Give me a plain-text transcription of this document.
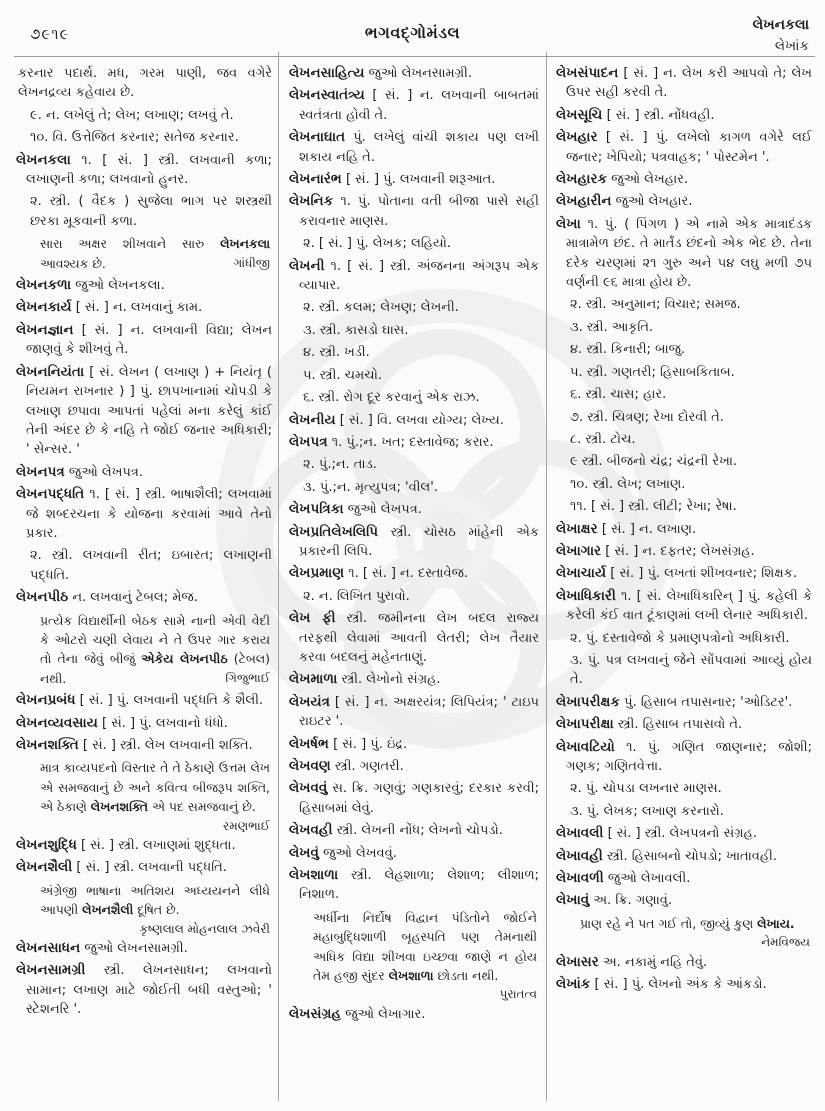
૭૯૧૯	ભગવદ્ગોમંડલ	લેખનકલા
લેખાંક

કરનાર પદાર્થ. મધ, ગરમ પાણી, જવ વગેરે લેખનદ્રવ્ય કહેવાય છે.

૯. ન. લખેલું તે; લેખ; લખાણ; લખવું તે.

૧૦. વિ. ઉત્તેજિત કરનાર; સતેજ કરનાર.

લેખનકલા ૧. [ સં. ] સ્ત્રી. લખવાની કળા; લખાણની કળા; લખવાનો હુનર.

૨. સ્ત્રી. ( વૈદક ) સુજેલા ભાગ પર શસ્ત્રથી છરકા મૂકવાની કળા.

સારા અક્ષર શીખવાને સારુ લેખનકલા આવશ્યક છે.	ગાંધીજી

લેખનકળા જુઓ લેખનકલા.

લેખનકાર્ય [ સં. ] ન. લખવાનું કામ.

લેખનજ્ઞાન [ સં. ] ન. લખવાની વિદ્યા; લેખન જાણવું કે શીખવું તે.

લેખનનિયંતા [ સં. લેખન ( લખાણ ) + નિયંતૃ ( નિયમન રાખનાર ) ] પું. છાપખાનામાં ચોપડી કે લખાણ છપાવા આપતાં પહેલાં મના કરેલું કાંઈ તેની અંદર છે કે નહિ તે જોઈ જનાર અધિકારી; ' સેન્સર. '

લેખનપત્ર જુઓ લેખપત્ર.

લેખનપદ્ધતિ ૧. [ સં. ] સ્ત્રી. ભાષાશૈલી; લખવામાં જે શબ્દરચના કે યોજના કરવામાં આવે તેનો પ્રકાર.

૨. સ્ત્રી. લખવાની રીત; ઇબારત; લખાણની પદ્ધતિ.

લેખનપીઠ ન. લખવાનું ટેબલ; મેજ.

પ્રત્યેક વિદ્યાર્થીની બેઠક સામે નાની એવી વેદી કે ઓટરો ચણી લેવાય ને તે ઉપર ગાર કરાય તો તેના જેવું બીજું એકેય લેખનપીઠ (ટેબલ) નથી.	ગિજુભાઈ

લેખનપ્રબંધ [ સં. ] પું. લખવાની પદ્ધતિ કે શૈલી.

લેખનવ્યવસાય [ સં. ] પું. લખવાનો ધંધો.

લેખનશક્તિ [ સં. ] સ્ત્રી. લેખ લખવાની શક્તિ.

માત્ર કાવ્યપદનો વિસ્તાર તે તે ઠેકાણે ઉત્તમ લેખ એ સમજવાનું છે અને કવિત્વ બીજરૂપ શક્તિ, એ ઠેકાણે લેખનશક્તિ એ પદ સમજવાનું છે.
રમણભાઈ

લેખનશુદ્ધિ [ સં. ] સ્ત્રી. લખાણમાં શુદ્ધતા.

લેખનશૈલી [ સં. ] સ્ત્રી. લખવાની પદ્ધતિ.

અંગ્રેજી ભાષાના અતિશય અધ્યયનને લીધે આપણી લેખનશૈલી દૂષિત છે.
કૃષ્ણલાલ મોહનલાલ ઝવેરી

લેખનસાધન જુઓ લેખનસામગ્રી.

લેખનસામગ્રી સ્ત્રી. લેખનસાધન; લખવાનો સામાન; લખાણ માટે જોઈતી બધી વસ્તુઓ; ' સ્ટેશનરિ '.

લેખનસાહિત્ય જુઓ લેખનસામગ્રી.

લેખનસ્વાતંત્ર્ય [ સં. ] ન. લખવાની બાબતમાં સ્વતંત્રતા હોવી તે.

લેખનાઘાત પું. લખેલું વાંચી શકાય પણ લખી શકાય નહિ તે.

લેખનારંભ [ સં. ] પું. લખવાની શરૂઆત.

લેખનિક ૧. પું. પોતાના વતી બીજા પાસે સહી કરાવનાર માણસ.

૨. [ સં. ] પું. લેખક; લહિયો.

લેખની ૧. [ સં. ] સ્ત્રી. અંજનના અંગરૂપ એક વ્યાપાર.

૨. સ્ત્રી. કલમ; લેખણ; લેખની.

૩. સ્ત્રી. કાસડો ઘાસ.

૪. સ્ત્રી. ખડી.

૫. સ્ત્રી. ચમચો.

૬. સ્ત્રી. રોગ દૂર કરવાનું એક રાઝ.

લેખનીય [ સં. ] વિ. લખવા યોગ્ય; લેખ્ય.

લેખપત્ર ૧. પું.;ન. ખત; દસ્તાવેજ; કરાર.

૨. પું.;ન. તાડ.

૩. પું.;ન. મૃત્યુપત્ર; 'વીલ'.

લેખપત્રિકા જુઓ લેખપત્ર.

લેખપ્રતિલેખલિપિ સ્ત્રી. ચોસઠ માંહેની એક પ્રકારની લિપિ.

લેખપ્રમાણ ૧. [ સં. ] ન. દસ્તાવેજ.

૨. ન. લિખિત પુરાવો.

લેખ ફી સ્ત્રી. જમીનના લેખ બદલ રાજ્ય તરફથી લેવામાં આવતી લેતરી; લેખ તૈયાર કરવા બદલનું મહેનતાણું.

લેખમાળા સ્ત્રી. લેખોનો સંગ્રહ.

લેખયંત્ર [ સં. ] ન. અક્ષરયંત્ર; લિપિયંત્ર; ' ટાઇપ રાઇટર '.

લેખર્ષભ [ સં. ] પું. ઇંદ્ર.

લેખવણ સ્ત્રી. ગણતરી.

લેખવવું સ. ક્રિ. ગણવું; ગણકારવું; દરકાર કરવી; હિસાબમાં લેવું.

લેખવહી સ્ત્રી. લેખની નોંધ; લેખનો ચોપડો.

લેખવું જુઓ લેખવવું.

લેખશાળા સ્ત્રી. લેહશાળા; લેશાળ; લીશાળ; નિશાળ.

અર્ધીના નિર્દોષ વિદ્વાન પંડિતોને જોઈને મહાબુદ્ધિશાળી બૃહસ્પતિ પણ તેમનાથી અધિક વિદ્યા શીખવા ઇચ્છવા જાણે ન હોય તેમ હજી સુંદર લેખશાળા છોડતા નથી.
પુરાતત્વ

લેખસંગ્રહ જુઓ લેખાગાર.

લેખસંપાદન [ સં. ] ન. લેખ કરી આપવો તે; લેખ ઉપર સહી કરવી તે.

લેખસૂચિ [ સં. ] સ્ત્રી. નોંધવહી.

લેખહાર [ સં. ] પું. લખેલો કાગળ વગેરે લઈ જનાર; ખેપિયો; પત્રવાહક; ' પોસ્ટમેન '.

લેખહારક જુઓ લેખહાર.

લેખહારીન જુઓ લેખહાર.

લેખા ૧. પું. ( પિંગળ ) એ નામે એક માત્રાદંડક માત્રામેળ છંદ. તે માર્તંડ છંદનો એક ભેદ છે. તેના દરેક ચરણમાં ૨૧ ગુરુ અને ૫૪ લઘુ મળી ૭૫ વર્ણની ૯૬ માત્રા હોય છે.

૨. સ્ત્રી. અનુમાન; વિચાર; સમજ.

૩. સ્ત્રી. આકૃતિ.

૪. સ્ત્રી. કિનારી; બાજુ.

૫. સ્ત્રી. ગણતરી; હિસાબકિતાબ.

૬. સ્ત્રી. ચાસ; હાર.

૭. સ્ત્રી. ચિત્રણ; રેખા દોરવી તે.

૮. સ્ત્રી. ટોચ.

૯ સ્ત્રી. બીજનો ચંદ્ર; ચંદ્રની રેખા.

૧૦. સ્ત્રી. લેખ; લખાણ.

૧૧. [ સં. ] સ્ત્રી. લીટી; રેખા; રેષા.

લેખાક્ષર [ સં. ] ન. લખાણ.

લેખાગાર [ સં. ] ન. દફતર; લેખસંગ્રહ.

લેખાચાર્ય [ સં. ] પું. લખતાં શીખવનાર; શિક્ષક.

લેખાધિકારી ૧. [ સં. લેખાધિકારિન્ ] પું. કહેલી કે કરેલી કંઈ વાત ટૂંકાણમાં લખી લેનાર અધિકારી.

૨. પું. દસ્તાવેજો કે પ્રમાણપત્રોનો અધિકારી.

૩. પું. પત્ર લખવાનું જેને સોંપવામાં આવ્યું હોય તે.

લેખાપરીક્ષક પું. હિસાબ તપાસનાર; 'ઓડિટર'.

લેખાપરીક્ષા સ્ત્રી. હિસાબ તપાસવો તે.

લેખાવટિયો ૧. પું. ગણિત જાણનાર; જોશી; ગણક; ગણિતવેત્તા.

૨. પું. ચોપડા લખનાર માણસ.

૩. પું. લેખક; લખાણ કરનારો.

લેખાવલી [ સં. ] સ્ત્રી. લેખપત્રનો સંગ્રહ.

લેખાવહી સ્ત્રી. હિસાબનો ચોપડો; ખાતાવહી.

લેખાવળી જુઓ લેખાવલી.

લેખાવું અ. ક્રિ. ગણાવું.

પ્રાણ રહે ને પત ગઈ તો, જીવ્યું કુણ લેખાય.
નેમવિજય

લેખાસર અ. નકામું નહિ તેવું.

લેખાંક [ સં. ] પું. લેખનો અંક કે આંકડો.
